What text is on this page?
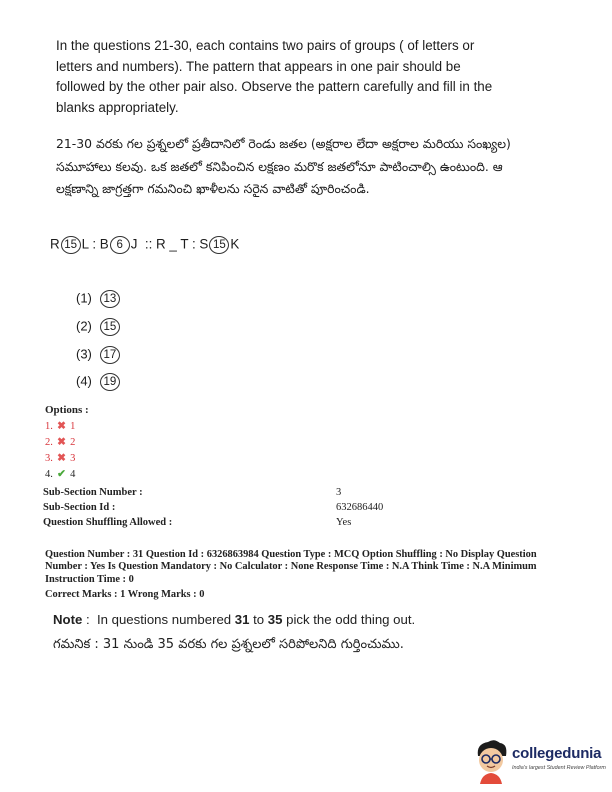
In the questions 21-30, each contains two pairs of groups ( of letters or letters and numbers). The pattern that appears in one pair should be followed by the other pair also. Observe the pattern carefully and fill in the blanks appropriately.
21-30 వరకు గల ప్రశ్నలలో ప్రతీదానిలో రెండు జతల (అక్షరాల లేదా అక్షరాల మరియు సంఖ్యల) సమూహాలు కలవు. ఒక జతలో కనిపించిన లక్షణం మరొక జతలోనూ పాటించాల్సి ఉంటుంది. ఆ లక్షణాన్ని జాగ్రత్తగా గమనించి ఖాళీలను సరైన వాటితో పూరించండి.
R 15 L : B 6 J  :: R _ T : S 15 K
(1) 13
(2) 15
(3) 17
(4) 19
Options :
1. ✖ 1
2. ✖ 2
3. ✖ 3
4. ✔ 4
Sub-Section Number :	3
Sub-Section Id :	632686440
Question Shuffling Allowed :	Yes
Question Number : 31 Question Id : 6326863984 Question Type : MCQ Option Shuffling : No Display Question Number : Yes Is Question Mandatory : No Calculator : None Response Time : N.A Think Time : N.A Minimum Instruction Time : 0
Correct Marks : 1 Wrong Marks : 0
Note :  In questions numbered 31 to 35 pick the odd thing out.
గమనిక : 31 నుండి 35 వరకు గల ప్రశ్నలలో సరిపోలనిది గుర్తించుము.
collegedunia
India's largest Student Review Platform
